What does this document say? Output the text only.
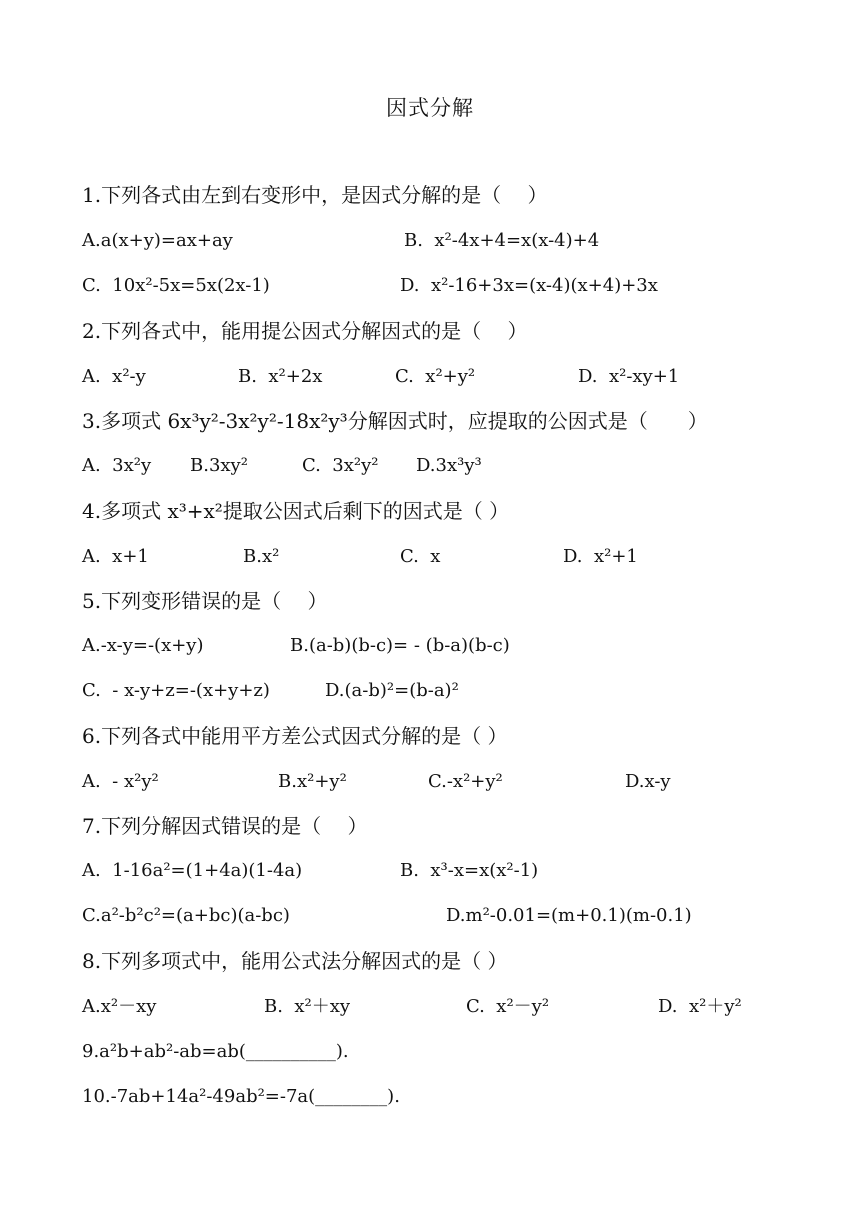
因式分解
1.下列各式由左到右变形中，是因式分解的是（　 ）
A.a(x+y)=ax+ay	B.  x²-4x+4=x(x-4)+4
C.  10x²-5x=5x(2x-1)	D.  x²-16+3x=(x-4)(x+4)+3x
2.下列各式中，能用提公因式分解因式的是（　 ）
A.  x²-y	B.  x²+2x	C.  x²+y²	D.  x²-xy+1
3.多项式 6x³y²-3x²y²-18x²y³分解因式时，应提取的公因式是（　　）
A.  3x²y B.3xy²	C.  3x²y² D.3x³y³
4.多项式 x³+x²提取公因式后剩下的因式是（ ）
A.  x+1	B.x²	C.  x	D.  x²+1
5.下列变形错误的是（　 ）
A.-x-y=-(x+y)	B.(a-b)(b-c)= - (b-a)(b-c)
C.  - x-y+z=-(x+y+z)	D.(a-b)²=(b-a)²
6.下列各式中能用平方差公式因式分解的是（ ）
A.  - x²y²	B.x²+y²	C.-x²+y²	D.x-y
7.下列分解因式错误的是（　 ）
A.  1-16a²=(1+4a)(1-4a)	B.  x³-x=x(x²-1)
C.a²-b²c²=(a+bc)(a-bc)	D.m²-0.01=(m+0.1)(m-0.1)
8.下列多项式中，能用公式法分解因式的是（ ）
A.x²－xy	B.  x²＋xy	C.  x²－y²	D.  x²＋y²
9.a²b+ab²-ab=ab(__________).
10.-7ab+14a²-49ab²=-7a(________).
